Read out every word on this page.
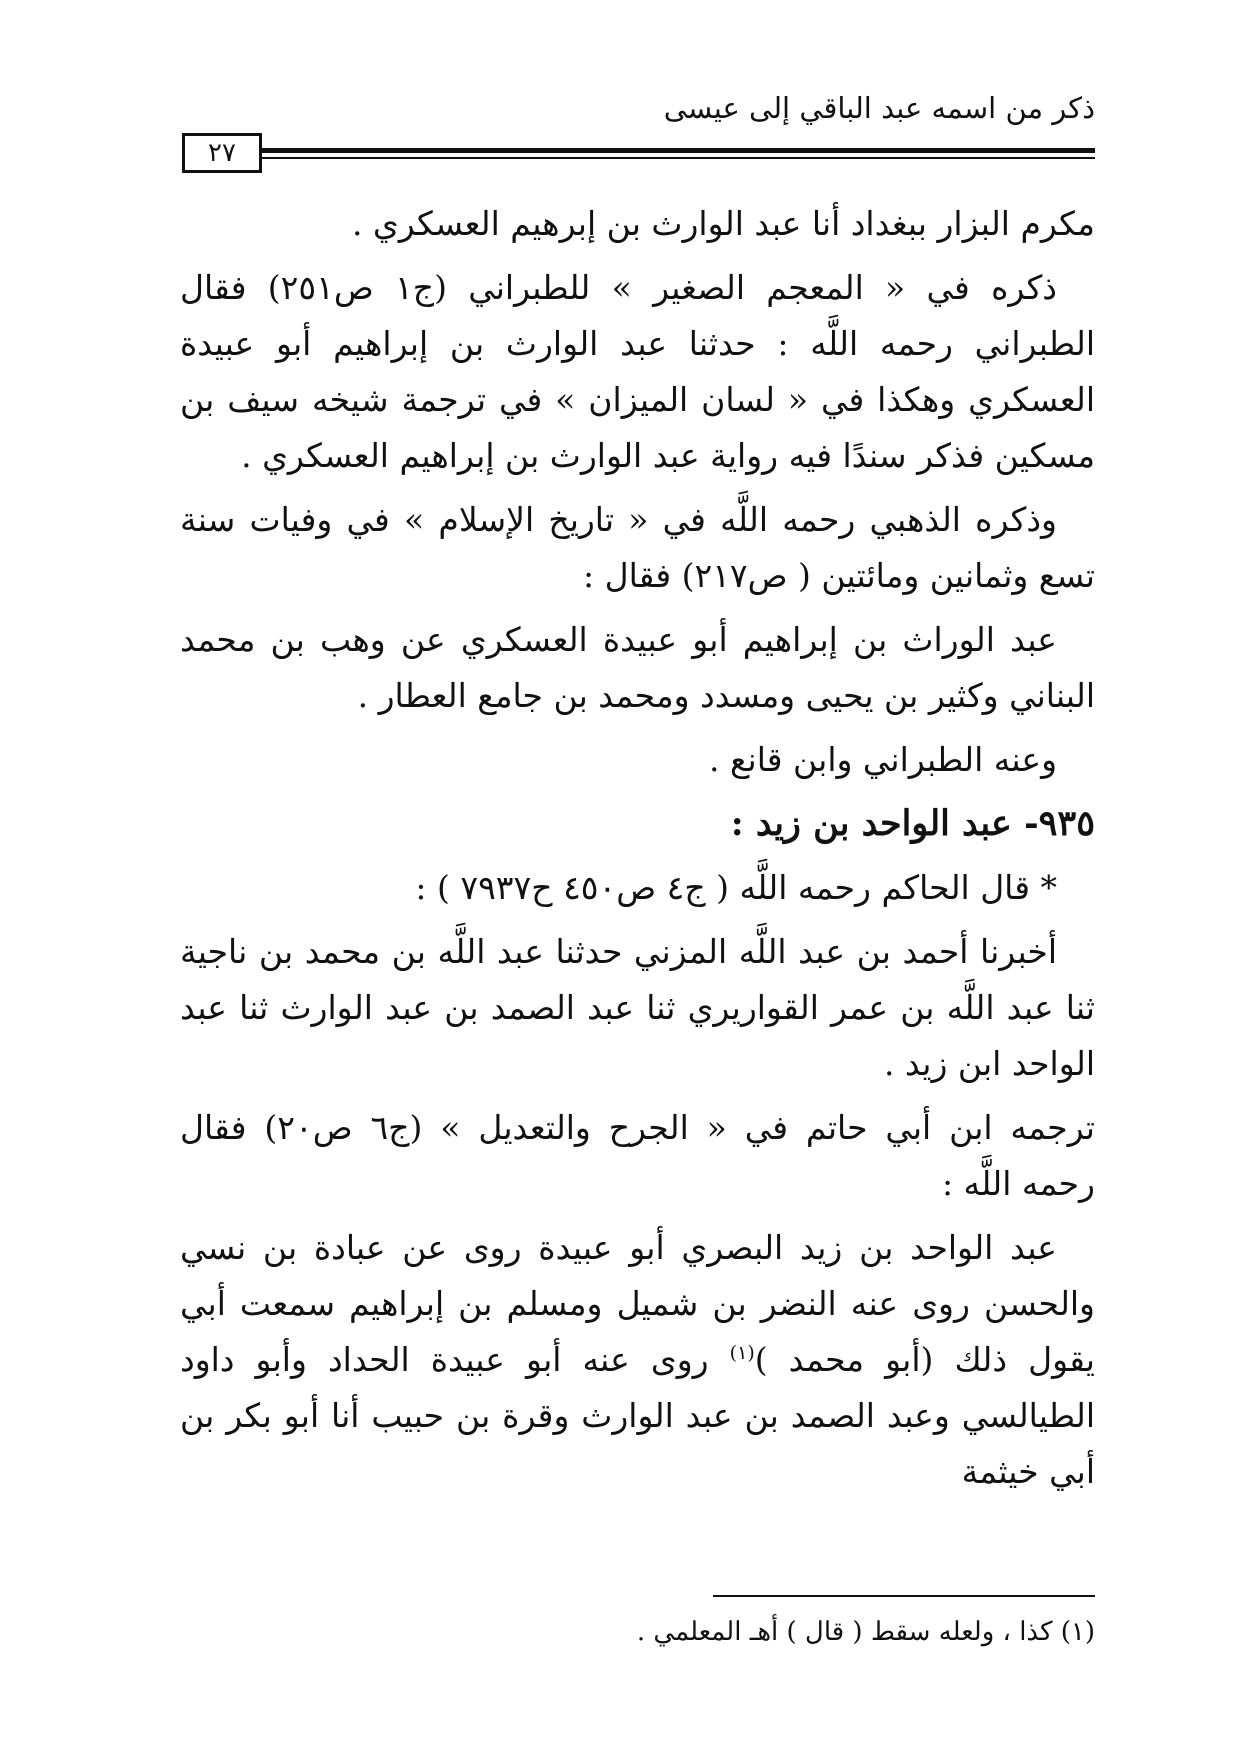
ذكر من اسمه عبد الباقي إلى عيسى
٢٧

مكرم البزار ببغداد أنا عبد الوارث بن إبرهيم العسكري .

ذكره في « المعجم الصغير » للطبراني (ج١ ص٢٥١) فقال الطبراني رحمه اللَّه : حدثنا عبد الوارث بن إبراهيم أبو عبيدة العسكري وهكذا في « لسان الميزان » في ترجمة شيخه سيف بن مسكين فذكر سندًا فيه رواية عبد الوارث بن إبراهيم العسكري .

وذكره الذهبي رحمه اللَّه في « تاريخ الإسلام » في وفيات سنة تسع وثمانين ومائتين ( ص٢١٧) فقال :

عبد الوراث بن إبراهيم أبو عبيدة العسكري عن وهب بن محمد البناني وكثير بن يحيى ومسدد ومحمد بن جامع العطار .

وعنه الطبراني وابن قانع .

٩٣٥- عبد الواحد بن زيد :

* قال الحاكم رحمه اللَّه ( ج٤ ص٤٥٠ ح٧٩٣٧ ) :

أخبرنا أحمد بن عبد اللَّه المزني حدثنا عبد اللَّه بن محمد بن ناجية ثنا عبد اللَّه بن عمر القواريري ثنا عبد الصمد بن عبد الوارث ثنا عبد الواحد ابن زيد .

ترجمه ابن أبي حاتم في « الجرح والتعديل » (ج٦ ص٢٠) فقال رحمه اللَّه :

عبد الواحد بن زيد البصري أبو عبيدة روى عن عبادة بن نسي والحسن روى عنه النضر بن شميل ومسلم بن إبراهيم سمعت أبي يقول ذلك (أبو محمد )$^{(١)}$ روى عنه أبو عبيدة الحداد وأبو داود الطيالسي وعبد الصمد بن عبد الوارث وقرة بن حبيب أنا أبو بكر بن أبي خيثمة

(١) كذا ، ولعله سقط ( قال ) أهـ المعلمي .
